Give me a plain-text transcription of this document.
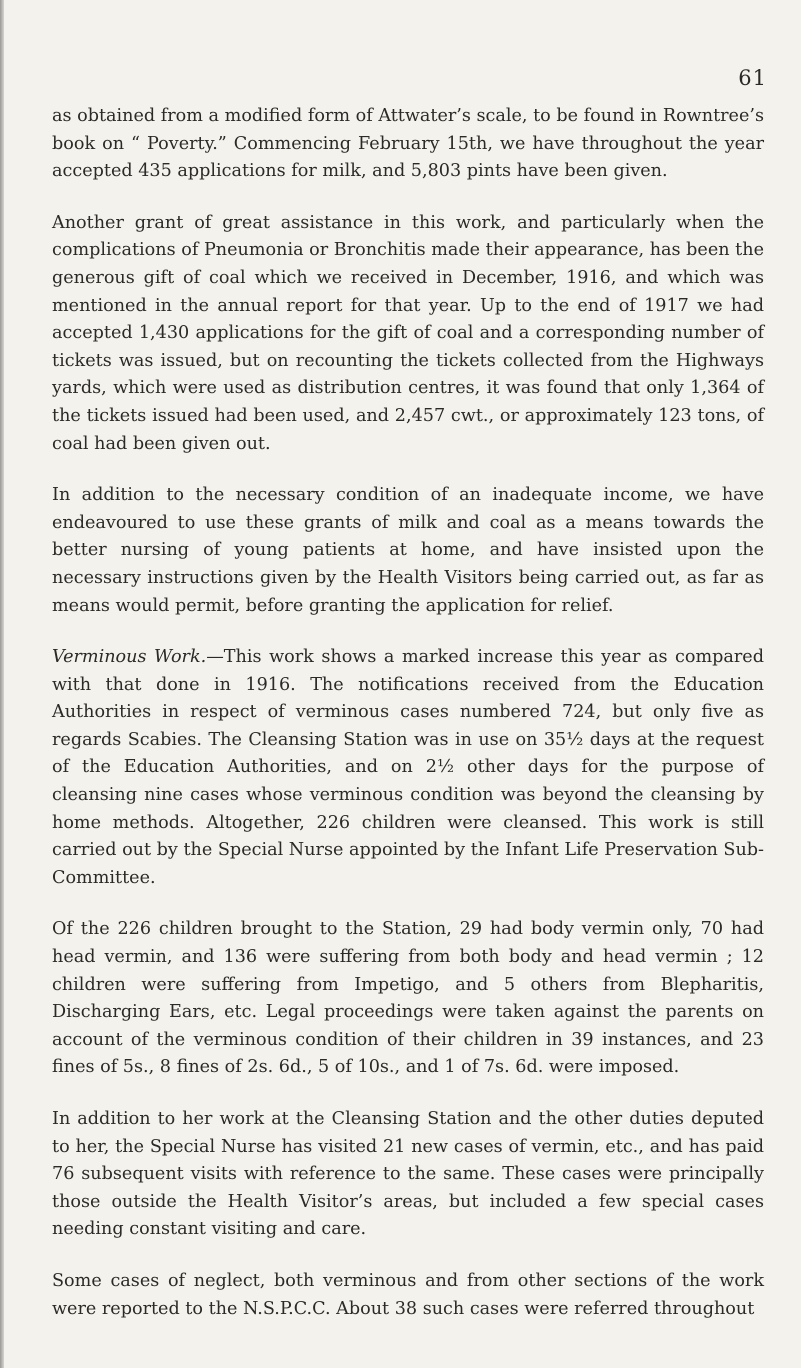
61

as obtained from a modified form of Attwater’s scale, to be found in Rowntree’s book on “ Poverty.” Commencing February 15th, we have throughout the year accepted 435 applications for milk, and 5,803 pints have been given.

Another grant of great assistance in this work, and particularly when the complications of Pneumonia or Bronchitis made their appearance, has been the generous gift of coal which we received in December, 1916, and which was mentioned in the annual report for that year. Up to the end of 1917 we had accepted 1,430 applications for the gift of coal and a corresponding number of tickets was issued, but on recounting the tickets collected from the Highways yards, which were used as distribution centres, it was found that only 1,364 of the tickets issued had been used, and 2,457 cwt., or approximately 123 tons, of coal had been given out.

In addition to the necessary condition of an inadequate income, we have endeavoured to use these grants of milk and coal as a means towards the better nursing of young patients at home, and have insisted upon the necessary instructions given by the Health Visitors being carried out, as far as means would permit, before granting the application for relief.

Verminous Work.—This work shows a marked increase this year as compared with that done in 1916. The notifications received from the Education Authorities in respect of verminous cases numbered 724, but only five as regards Scabies. The Cleansing Station was in use on 35½ days at the request of the Education Authorities, and on 2½ other days for the purpose of cleansing nine cases whose verminous condition was beyond the cleansing by home methods. Altogether, 226 children were cleansed. This work is still carried out by the Special Nurse appointed by the Infant Life Preservation Sub-Committee.

Of the 226 children brought to the Station, 29 had body vermin only, 70 had head vermin, and 136 were suffering from both body and head vermin ; 12 children were suffering from Impetigo, and 5 others from Blepharitis, Discharging Ears, etc. Legal proceedings were taken against the parents on account of the verminous condition of their children in 39 instances, and 23 fines of 5s., 8 fines of 2s. 6d., 5 of 10s., and 1 of 7s. 6d. were imposed.

In addition to her work at the Cleansing Station and the other duties deputed to her, the Special Nurse has visited 21 new cases of vermin, etc., and has paid 76 subsequent visits with reference to the same. These cases were principally those outside the Health Visitor’s areas, but included a few special cases needing constant visiting and care.

Some cases of neglect, both verminous and from other sections of the work were reported to the N.S.P.C.C. About 38 such cases were referred throughout
